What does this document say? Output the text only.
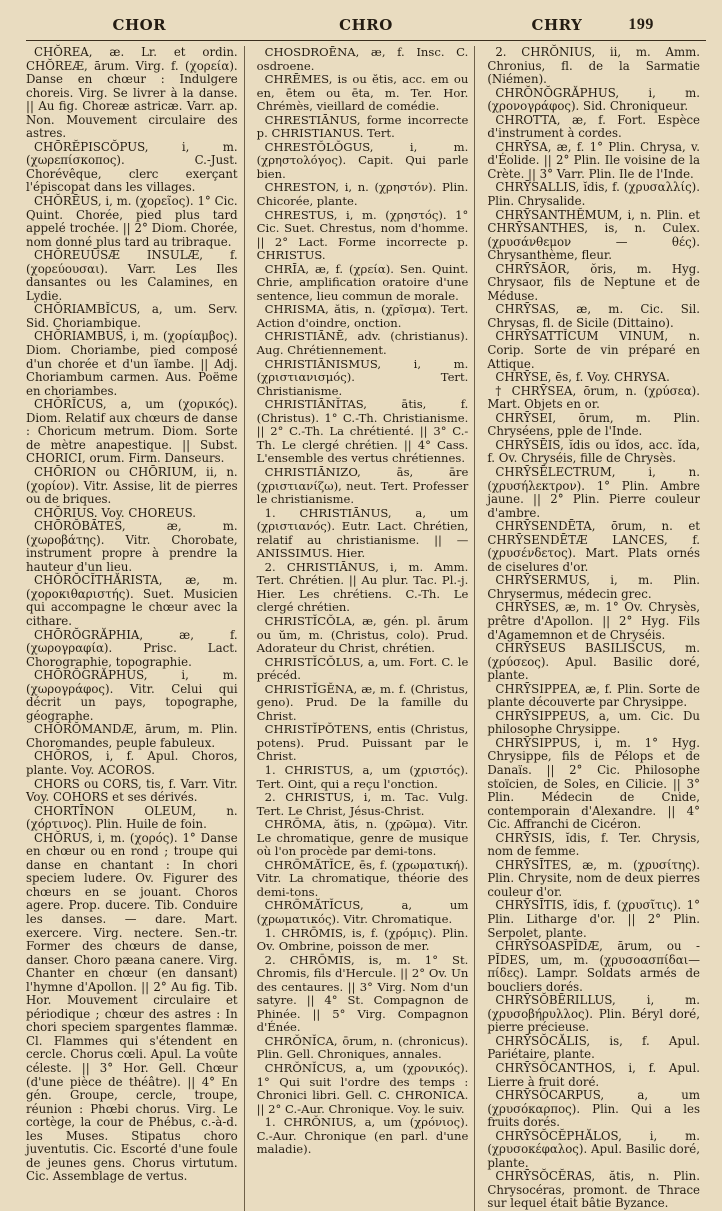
CHOR	CHRO	CHRY	199

CHŎREA, æ. Lr. et ordin. CHŎREÆ, ārum. Virg. f. (χορεία). Danse en chœur : Indulgere choreis. Virg. Se livrer à la danse. || Au fig. Choreæ astricæ. Varr. ap. Non. Mouvement circulaire des astres.

CHŌRĔPISCŎPUS, i, m. (χωρεπίσκοπος). C.-Just. Chorévêque, clerc exerçant l'épiscopat dans les villages.

CHŎRĒUS, i, m. (χορεῖος). 1° Cic. Quint. Chorée, pied plus tard appelé trochée. || 2° Diom. Chorée, nom donné plus tard au tribraque.

CHŎREUŪSÆ INSULÆ, f. (χορεύουσαι). Varr. Les Iles dansantes ou les Calamines, en Lydie.

CHŎRIAMBĬCUS, a, um. Serv. Sid. Choriambique.

CHŎRIAMBUS, i, m. (χορίαμβος). Diom. Choriambe, pied composé d'un chorée et d'un ïambe. || Adj. Choriambum carmen. Aus. Poëme en choriambes.

CHŎRĬCUS, a, um (χορικός). Diom. Relatif aux chœurs de danse : Choricum metrum. Diom. Sorte de mètre anapestique. || Subst. CHORICI, orum. Firm. Danseurs.

CHŌRION ou CHŌRIUM, ii, n. (χορίον). Vitr. Assise, lit de pierres ou de briques.

CHŎRIUS. Voy. CHOREUS.

CHŌRŎBĀTES, æ, m. (χωροβάτης). Vitr. Chorobate, instrument propre à prendre la hauteur d'un lieu.

CHŎRŎCĬTHĂRISTA, æ, m. (χοροκιθαριστής). Suet. Musicien qui accompagne le chœur avec la cithare.

CHŌRŎGRĂPHIA, æ, f. (χωρογραφία). Prisc. Lact. Chorographie, topographie.

CHŌRŎGRĂPHUS, i, m. (χωρογράφος). Vitr. Celui qui décrit un pays, topographe, géographe.

CHŎRŎMANDÆ, ārum, m. Plin. Choromandes, peuple fabuleux.

CHŎROS, i, f. Apul. Choros, plante. Voy. ACOROS.

CHORS ou CORS, tis, f. Varr. Vitr. Voy. COHORS et ses dérivés.

CHORTĪNON OLEUM, n. (χόρτινος). Plin. Huile de foin.

CHŎRUS, i, m. (χορός). 1° Danse en chœur ou en rond ; troupe qui danse en chantant : In chori speciem ludere. Ov. Figurer des chœurs en se jouant. Choros agere. Prop. ducere. Tib. Conduire les danses. — dare. Mart. exercere. Virg. nectere. Sen.-tr. Former des chœurs de danse, danser. Choro pæana canere. Virg. Chanter en chœur (en dansant) l'hymne d'Apollon. || 2° Au fig. Tib. Hor. Mouvement circulaire et périodique ; chœur des astres : In chori speciem spargentes flammæ. Cl. Flammes qui s'étendent en cercle. Chorus cœli. Apul. La voûte céleste. || 3° Hor. Gell. Chœur (d'une pièce de théâtre). || 4° En gén. Groupe, cercle, troupe, réunion : Phœbi chorus. Virg. Le cortège, la cour de Phébus, c.-à-d. les Muses. Stipatus choro juventutis. Cic. Escorté d'une foule de jeunes gens. Chorus virtutum. Cic. Assemblage de vertus.

CHOSDROĒNA, æ, f. Insc. C. osdroene.

CHRĒMES, is ou ĕtis, acc. em ou en, ētem ou ēta, m. Ter. Hor. Chrémès, vieillard de comédie.

CHRESTIĀNUS, forme incorrecte p. CHRISTIANUS. Tert.

CHRESTŎLŎGUS, i, m. (χρηστολόγος). Capit. Qui parle bien.

CHRESTON, i, n. (χρηστόν). Plin. Chicorée, plante.

CHRESTUS, i, m. (χρηστός). 1° Cic. Suet. Chrestus, nom d'homme. || 2° Lact. Forme incorrecte p. CHRISTUS.

CHRĪA, æ, f. (χρεία). Sen. Quint. Chrie, amplification oratoire d'une sentence, lieu commun de morale.

CHRISMA, ătis, n. (χρῖσμα). Tert. Action d'oindre, onction.

CHRISTIĀNĒ, adv. (christianus). Aug. Chrétiennement.

CHRISTIĀNISMUS, i, m. (χριστιανισμός). Tert. Christianisme.

CHRISTIĀNĬTAS, ātis, f. (Christus). 1° C.-Th. Christianisme. || 2° C.-Th. La chrétienté. || 3° C.-Th. Le clergé chrétien. || 4° Cass. L'ensemble des vertus chrétiennes.

CHRISTIĀNIZO, ās, āre (χριστιανίζω), neut. Tert. Professer le christianisme.

1. CHRISTIĀNUS, a, um (χριστιανός). Eutr. Lact. Chrétien, relatif au christianisme. || — ANISSIMUS. Hier.

2. CHRISTIĀNUS, i, m. Amm. Tert. Chrétien. || Au plur. Tac. Pl.-j. Hier. Les chrétiens. C.-Th. Le clergé chrétien.

CHRISTĬCŎLA, æ, gén. pl. ārum ou ŭm, m. (Christus, colo). Prud. Adorateur du Christ, chrétien.

CHRISTĬCŎLUS, a, um. Fort. C. le précéd.

CHRISTĬGĔNA, æ, m. f. (Christus, geno). Prud. De la famille du Christ.

CHRISTĬPŎTENS, entis (Christus, potens). Prud. Puissant par le Christ.

1. CHRISTUS, a, um (χριστός). Tert. Oint, qui a reçu l'onction.

2. CHRISTUS, i, m. Tac. Vulg. Tert. Le Christ, Jésus-Christ.

CHRŌMA, ătis, n. (χρῶμα). Vitr. Le chromatique, genre de musique où l'on procède par demi-tons.

CHRŌMĂTĬCE, ēs, f. (χρωματική). Vitr. La chromatique, théorie des demi-tons.

CHRŌMĂTĬCUS, a, um (χρωματικός). Vitr. Chromatique.

1. CHRŌMIS, is, f. (χρόμις). Plin. Ov. Ombrine, poisson de mer.

2. CHRŌMIS, is, m. 1° St. Chromis, fils d'Hercule. || 2° Ov. Un des centaures. || 3° Virg. Nom d'un satyre. || 4° St. Compagnon de Phinée. || 5° Virg. Compagnon d'Énée.

CHRŎNĬCA, ōrum, n. (chronicus). Plin. Gell. Chroniques, annales.

CHRŎNĬCUS, a, um (χρονικός). 1° Qui suit l'ordre des temps : Chronici libri. Gell. C. CHRONICA. || 2° C.-Aur. Chronique. Voy. le suiv.

1. CHRŎNIUS, a, um (χρόνιος). C.-Aur. Chronique (en parl. d'une maladie).

2. CHRŎNIUS, ii, m. Amm. Chronius, fl. de la Sarmatie (Niémen).

CHRŎNŎGRĂPHUS, i, m. (χρονογράφος). Sid. Chroniqueur.

CHROTTA, æ, f. Fort. Espèce d'instrument à cordes.

CHRȲSA, æ, f. 1° Plin. Chrysa, v. d'Éolide. || 2° Plin. Ile voisine de la Crète. || 3° Varr. Plin. Ile de l'Inde.

CHRȲSALLIS, ĭdis, f. (χρυσαλλίς). Plin. Chrysalide.

CHRȲSANTHĔMUM, i, n. Plin. et CHRȲSANTHES, is, n. Culex. (χρυσάνθεμον — θές). Chrysanthème, fleur.

CHRȲSĀOR, ŏris, m. Hyg. Chrysaor, fils de Neptune et de Méduse.

CHRȲSAS, æ, m. Cic. Sil. Chrysas, fl. de Sicile (Dittaino).

CHRȲSATTĬCUM VINUM, n. Corip. Sorte de vin préparé en Attique.

CHRȲSE, ēs, f. Voy. CHRYSA.

† CHRȲSEA, ōrum, n. (χρύσεα). Mart. Objets en or.

CHRȲSEI, ōrum, m. Plin. Chryséens, pple de l'Inde.

CHRȲSĒIS, ĭdis ou ĭdos, acc. ĭda, f. Ov. Chryséis, fille de Chrysès.

CHRȲSĒLECTRUM, i, n. (χρυσήλεκτρον). 1° Plin. Ambre jaune. || 2° Plin. Pierre couleur d'ambre.

CHRȲSENDĒTA, ōrum, n. et CHRȲSENDĒTÆ LANCES, f. (χρυσένδετος). Mart. Plats ornés de ciselures d'or.

CHRȲSERMUS, i, m. Plin. Chrysermus, médecin grec.

CHRȲSES, æ, m. 1° Ov. Chrysès, prêtre d'Apollon. || 2° Hyg. Fils d'Agamemnon et de Chryséis.

CHRȲSEUS BASILISCUS, m. (χρύσεος). Apul. Basilic doré, plante.

CHRȲSIPPEA, æ, f. Plin. Sorte de plante découverte par Chrysippe.

CHRȲSIPPEUS, a, um. Cic. Du philosophe Chrysippe.

CHRȲSIPPUS, i, m. 1° Hyg. Chrysippe, fils de Pélops et de Danaïs. || 2° Cic. Philosophe stoïcien, de Soles, en Cilicie. || 3° Plin. Médecin de Cnide, contemporain d'Alexandre. || 4° Cic. Affranchi de Cicéron.

CHRȲSIS, ĭdis, f. Ter. Chrysis, nom de femme.

CHRȲSĪTES, æ, m. (χρυσίτης). Plin. Chrysite, nom de deux pierres couleur d'or.

CHRȲSĪTIS, ĭdis, f. (χρυσῖτις). 1° Plin. Litharge d'or. || 2° Plin. Serpolet, plante.

CHRȲSOASPĬDÆ, ārum, ou -PĬDES, um, m. (χρυσοασπίδαι—πίδες). Lampr. Soldats armés de boucliers dorés.

CHRȲSŎBĒRILLUS, i, m. (χρυσοβήρυλλος). Plin. Béryl doré, pierre précieuse.

CHRȲSŎCĂLIS, is, f. Apul. Pariétaire, plante.

CHRȲSŎCANTHOS, i, f. Apul. Lierre à fruit doré.

CHRȲSŎCARPUS, a, um (χρυσόκαρπος). Plin. Qui a les fruits dorés.

CHRȲSŎCĔPHĂLOS, i, m. (χρυσοκέφαλος). Apul. Basilic doré, plante.

CHRȲSŎCĔRAS, ătis, n. Plin. Chrysocéras, promont. de Thrace sur lequel était bâtie Byzance.
